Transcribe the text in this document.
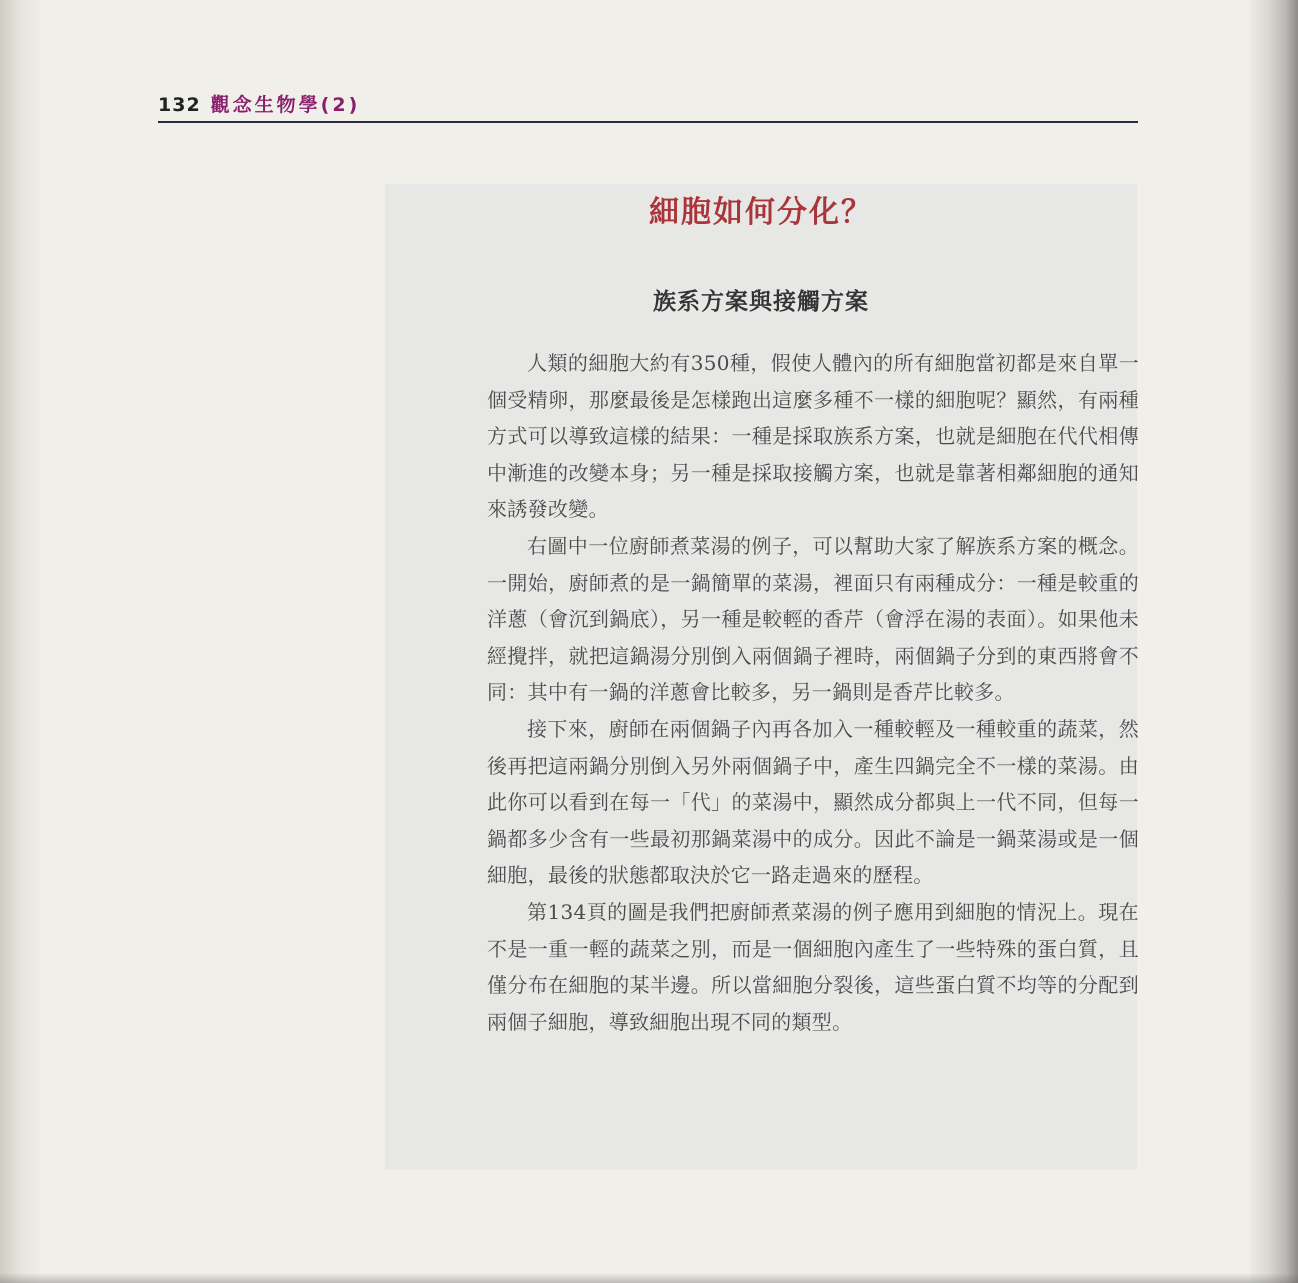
132 觀念生物學(2)
細胞如何分化？
族系方案與接觸方案

人類的細胞大約有350種，假使人體內的所有細胞當初都是來自單一個受精卵，那麼最後是怎樣跑出這麼多種不一樣的細胞呢？顯然，有兩種方式可以導致這樣的結果：一種是採取族系方案，也就是細胞在代代相傳中漸進的改變本身；另一種是採取接觸方案，也就是靠著相鄰細胞的通知來誘發改變。

右圖中一位廚師煮菜湯的例子，可以幫助大家了解族系方案的概念。一開始，廚師煮的是一鍋簡單的菜湯，裡面只有兩種成分：一種是較重的洋蔥（會沉到鍋底），另一種是較輕的香芹（會浮在湯的表面）。如果他未經攪拌，就把這鍋湯分別倒入兩個鍋子裡時，兩個鍋子分到的東西將會不同：其中有一鍋的洋蔥會比較多，另一鍋則是香芹比較多。

接下來，廚師在兩個鍋子內再各加入一種較輕及一種較重的蔬菜，然後再把這兩鍋分別倒入另外兩個鍋子中，產生四鍋完全不一樣的菜湯。由此你可以看到在每一「代」的菜湯中，顯然成分都與上一代不同，但每一鍋都多少含有一些最初那鍋菜湯中的成分。因此不論是一鍋菜湯或是一個細胞，最後的狀態都取決於它一路走過來的歷程。

第134頁的圖是我們把廚師煮菜湯的例子應用到細胞的情況上。現在不是一重一輕的蔬菜之別，而是一個細胞內產生了一些特殊的蛋白質，且僅分布在細胞的某半邊。所以當細胞分裂後，這些蛋白質不均等的分配到兩個子細胞，導致細胞出現不同的類型。
